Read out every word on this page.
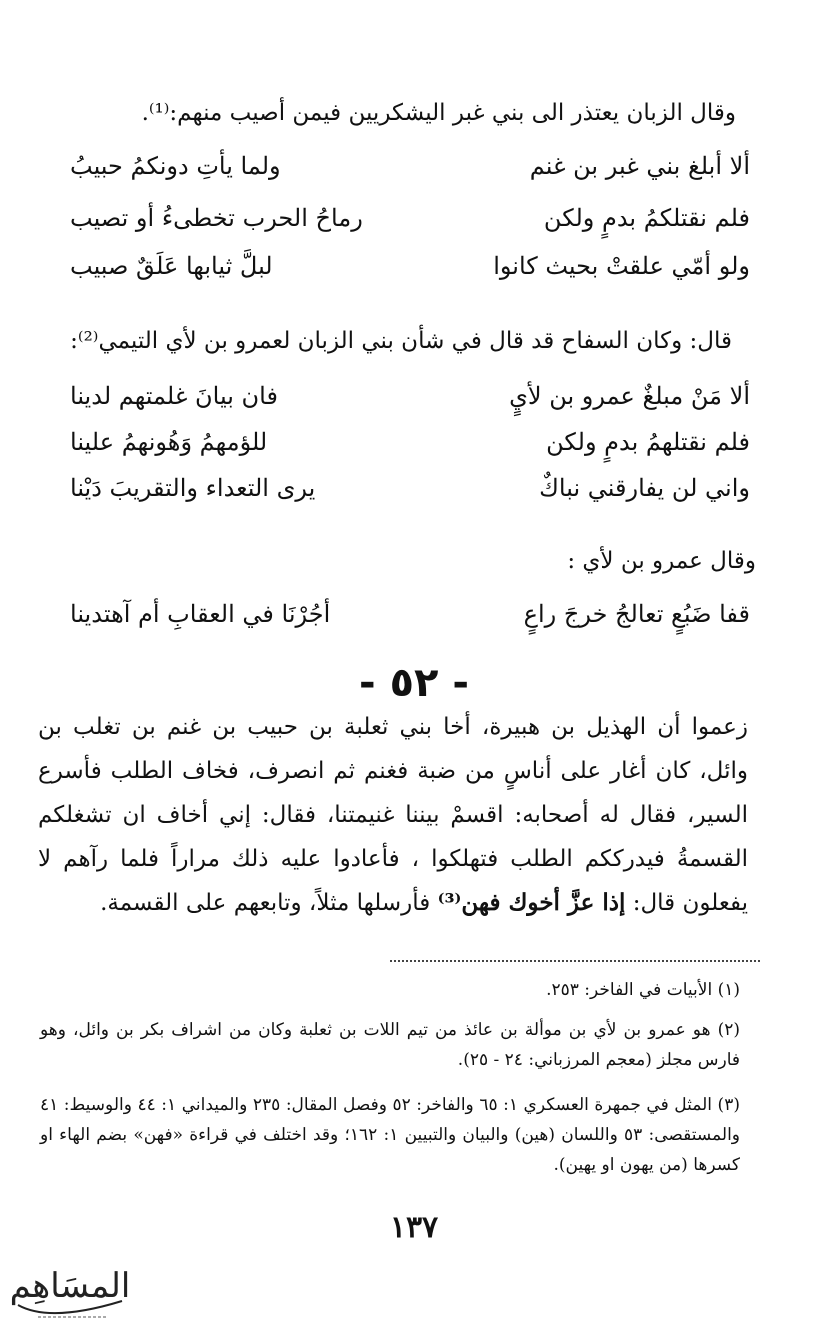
وقال الزبان يعتذر الى بني غبر اليشكريين فيمن أصيب منهم:⁽¹⁾.
ألا أبلغ بني غبر بن غنم
ولما يأتِ دونكمُ حبيبُ
فلم نقتلكمُ بدمٍ ولكن
رماحُ الحرب تخطىءُ أو تصيب
ولو أمّي علقتْ بحيث كانوا
لبلَّ ثيابها عَلَقٌ صبيب
قال: وكان السفاح قد قال في شأن بني الزبان لعمرو بن لأي التيمي⁽²⁾:
ألا مَنْ مبلغٌ عمرو بن لأيٍ
فان بيانَ غلمتهم لدينا
فلم نقتلهمُ بدمٍ ولكن
للؤمهمُ وَهُونهمُ علينا
واني لن يفارقني نباكٌ
يرى التعداء والتقريبَ دَيْنا
وقال عمرو بن لأي :
قفا ضَبُعٍ تعالجُ خرجَ راعٍ
أجُرْنَا في العقابِ أم آهتدينا
- ٥٢ -
زعموا أن الهذيل بن هبيرة، أخا بني ثعلبة بن حبيب بن غنم بن تغلب بن وائل، كان أغار على أناسٍ من ضبة فغنم ثم انصرف، فخاف الطلب فأسرع السير، فقال له أصحابه: اقسمْ بيننا غنيمتنا، فقال: إني أخاف ان تشغلكم القسمةُ فيدرككم الطلب فتهلكوا ، فأعادوا عليه ذلك مراراً فلما رآهم لا يفعلون قال: إذا عزَّ أخوك فهن⁽³⁾ فأرسلها مثلاً، وتابعهم على القسمة.
(١) الأبيات في الفاخر: ٢٥٣.
(٢) هو عمرو بن لأي بن موألة بن عائذ من تيم اللات بن ثعلبة وكان من اشراف بكر بن وائل، وهو فارس مجلز (معجم المرزباني: ٢٤ - ٢٥).
(٣) المثل في جمهرة العسكري ١: ٦٥ والفاخر: ٥٢ وفصل المقال: ٢٣٥ والميداني ١: ٤٤ والوسيط: ٤١ والمستقصى: ٥٣ واللسان (هين) والبيان والتبيين ١: ١٦٢؛ وقد اختلف في قراءة «فهن» بضم الهاء او كسرها (من يهون او يهين).
١٣٧
المسَاهِم
